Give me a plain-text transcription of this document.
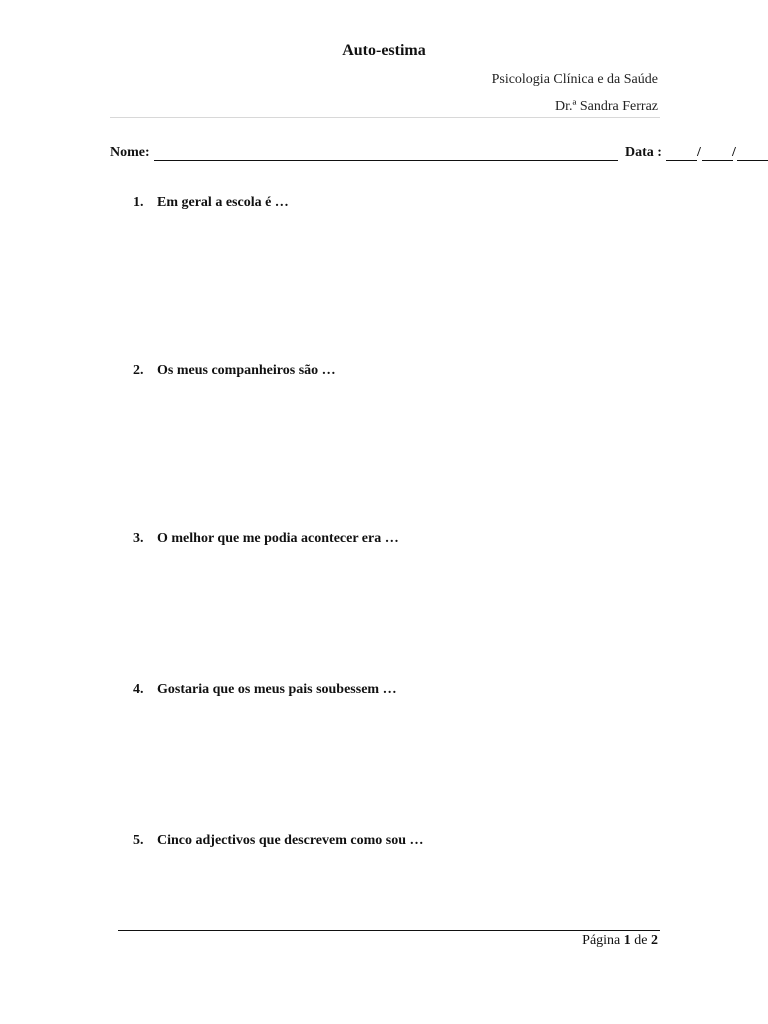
Auto-estima
Psicologia Clínica e da Saúde
Dr.ª Sandra Ferraz
Nome:	Data :	/ /
1. Em geral a escola é …
2. Os meus companheiros são …
3. O melhor que me podia acontecer era …
4. Gostaria que os meus pais soubessem …
5. Cinco adjectivos que descrevem como sou …
Página 1 de 2
